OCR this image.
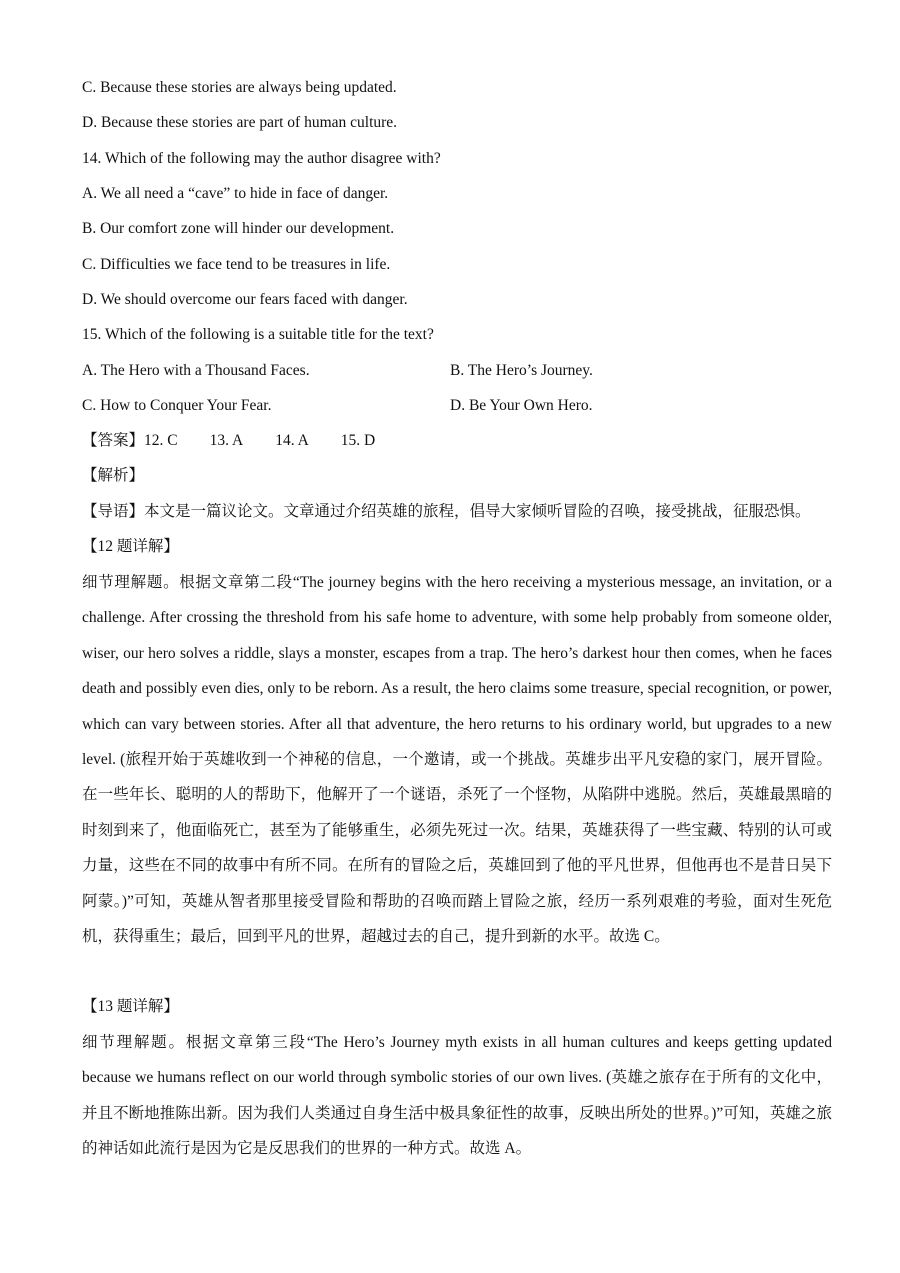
C. Because these stories are always being updated.
D. Because these stories are part of human culture.
14. Which of the following may the author disagree with?
A. We all need a “cave” to hide in face of danger.
B. Our comfort zone will hinder our development.
C. Difficulties we face tend to be treasures in life.
D. We should overcome our fears faced with danger.
15. Which of the following is a suitable title for the text?
A. The Hero with a Thousand Faces.	B. The Hero’s Journey.
C. How to Conquer Your Fear.	D. Be Your Own Hero.
【答案】12. C 13. A 14. A 15. D
【解析】
【导语】本文是一篇议论文。文章通过介绍英雄的旅程，倡导大家倾听冒险的召唤，接受挑战，征服恐惧。
【12 题详解】
细节理解题。根据文章第二段“The journey begins with the hero receiving a mysterious message, an invitation, or a challenge. After crossing the threshold from his safe home to adventure, with some help probably from someone older, wiser, our hero solves a riddle, slays a monster, escapes from a trap. The hero’s darkest hour then comes, when he faces death and possibly even dies, only to be reborn. As a result, the hero claims some treasure, special recognition, or power, which can vary between stories. After all that adventure, the hero returns to his ordinary world, but upgrades to a new level. (旅程开始于英雄收到一个神秘的信息，一个邀请，或一个挑战。英雄步出平凡安稳的家门，展开冒险。在一些年长、聪明的人的帮助下，他解开了一个谜语，杀死了一个怪物，从陷阱中逃脱。然后，英雄最黑暗的时刻到来了，他面临死亡，甚至为了能够重生，必须先死过一次。结果，英雄获得了一些宝藏、特别的认可或力量，这些在不同的故事中有所不同。在所有的冒险之后，英雄回到了他的平凡世界，但他再也不是昔日吴下阿蒙。)”可知，英雄从智者那里接受冒险和帮助的召唤而踏上冒险之旅，经历一系列艰难的考验，面对生死危机，获得重生；最后，回到平凡的世界，超越过去的自己，提升到新的水平。故选 C。
【13 题详解】
细节理解题。根据文章第三段“The Hero’s Journey myth exists in all human cultures and keeps getting updated because we humans reflect on our world through symbolic stories of our own lives. (英雄之旅存在于所有的文化中，并且不断地推陈出新。因为我们人类通过自身生活中极具象征性的故事，反映出所处的世界。)”可知，英雄之旅的神话如此流行是因为它是反思我们的世界的一种方式。故选 A。
